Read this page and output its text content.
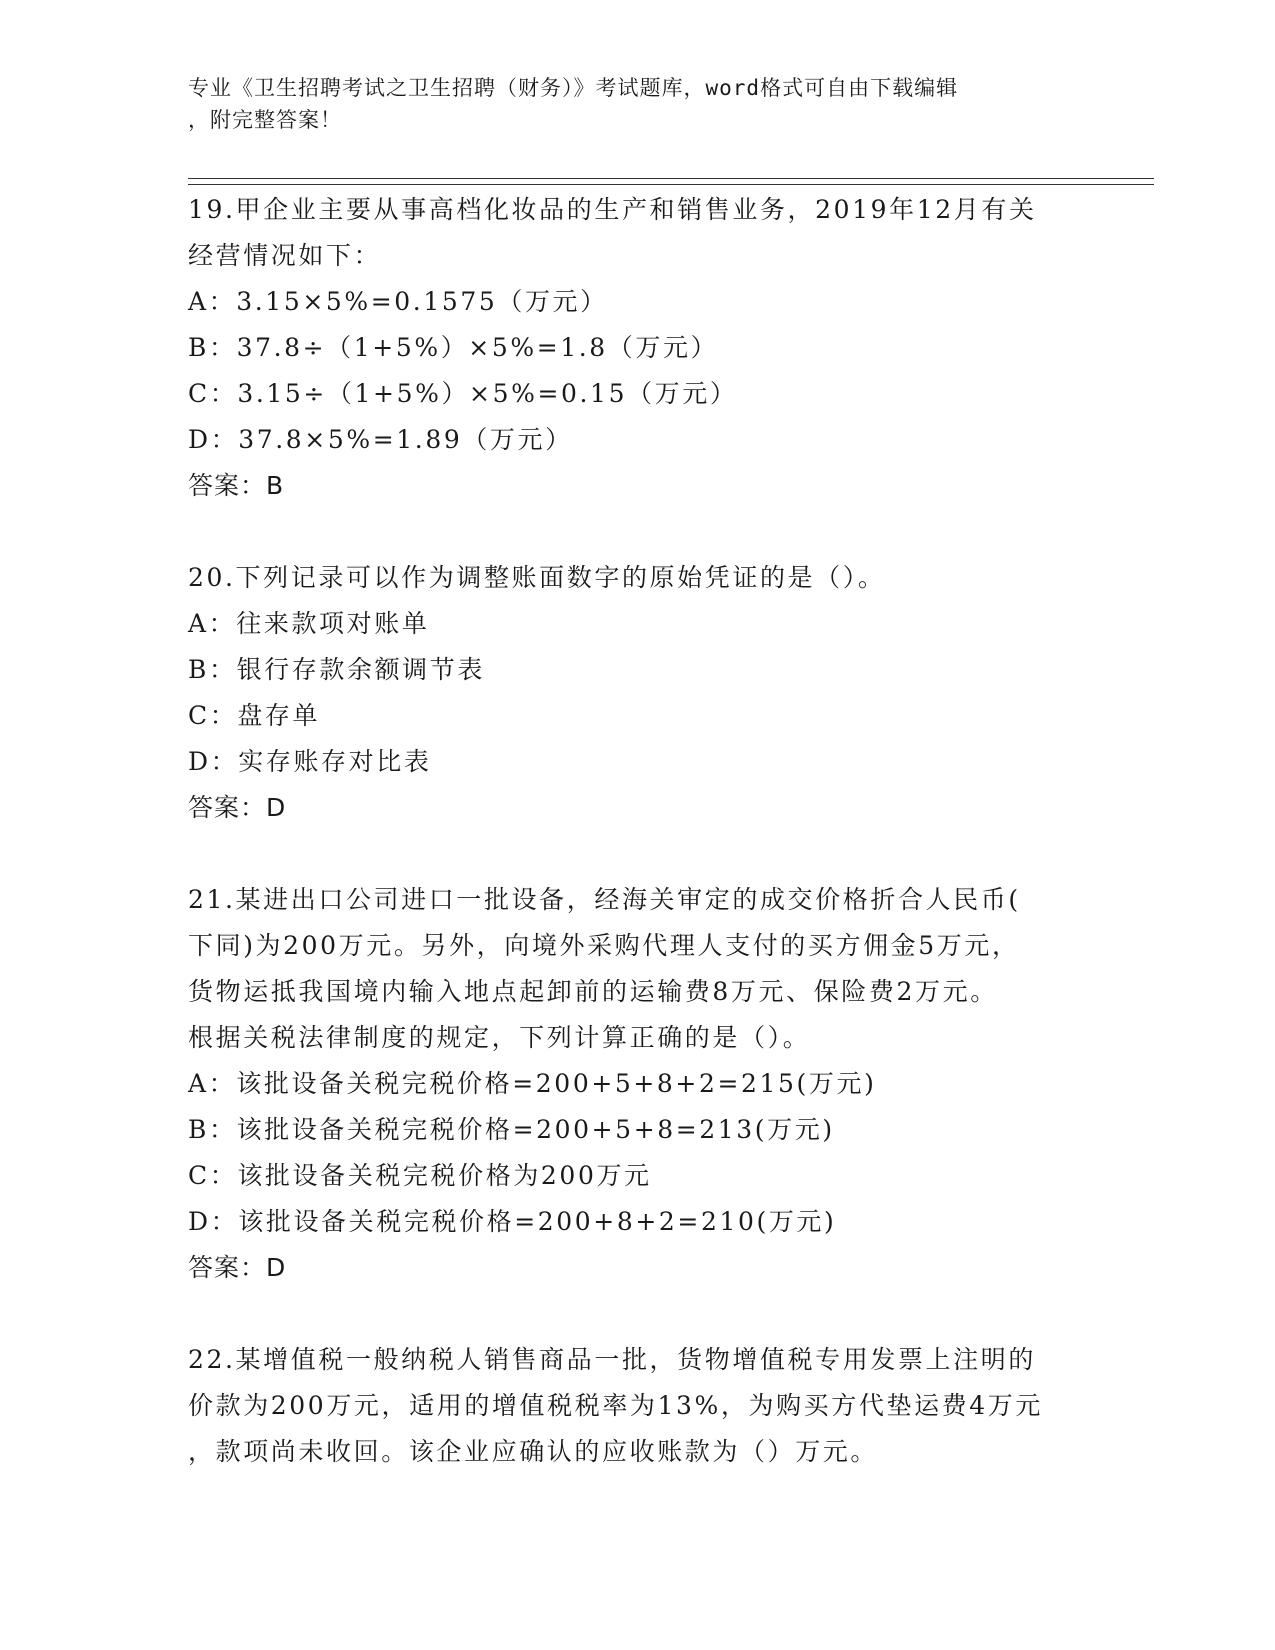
专业《卫生招聘考试之卫生招聘（财务）》考试题库，word格式可自由下载编辑
，附完整答案！
19.甲企业主要从事高档化妆品的生产和销售业务，2019年12月有关
经营情况如下：
A：3.15×5%=0.1575（万元）
B：37.8÷（1+5%）×5%=1.8（万元）
C：3.15÷（1+5%）×5%=0.15（万元）
D：37.8×5%=1.89（万元）
答案：B
20.下列记录可以作为调整账面数字的原始凭证的是（）。
A：往来款项对账单
B：银行存款余额调节表
C：盘存单
D：实存账存对比表
答案：D
21.某进出口公司进口一批设备，经海关审定的成交价格折合人民币(
下同)为200万元。另外，向境外采购代理人支付的买方佣金5万元，
货物运抵我国境内输入地点起卸前的运输费8万元、保险费2万元。
根据关税法律制度的规定，下列计算正确的是（）。
A：该批设备关税完税价格=200+5+8+2=215(万元)
B：该批设备关税完税价格=200+5+8=213(万元)
C：该批设备关税完税价格为200万元
D：该批设备关税完税价格=200+8+2=210(万元)
答案：D
22.某增值税一般纳税人销售商品一批，货物增值税专用发票上注明的
价款为200万元，适用的增值税税率为13%，为购买方代垫运费4万元
，款项尚未收回。该企业应确认的应收账款为（）万元。
